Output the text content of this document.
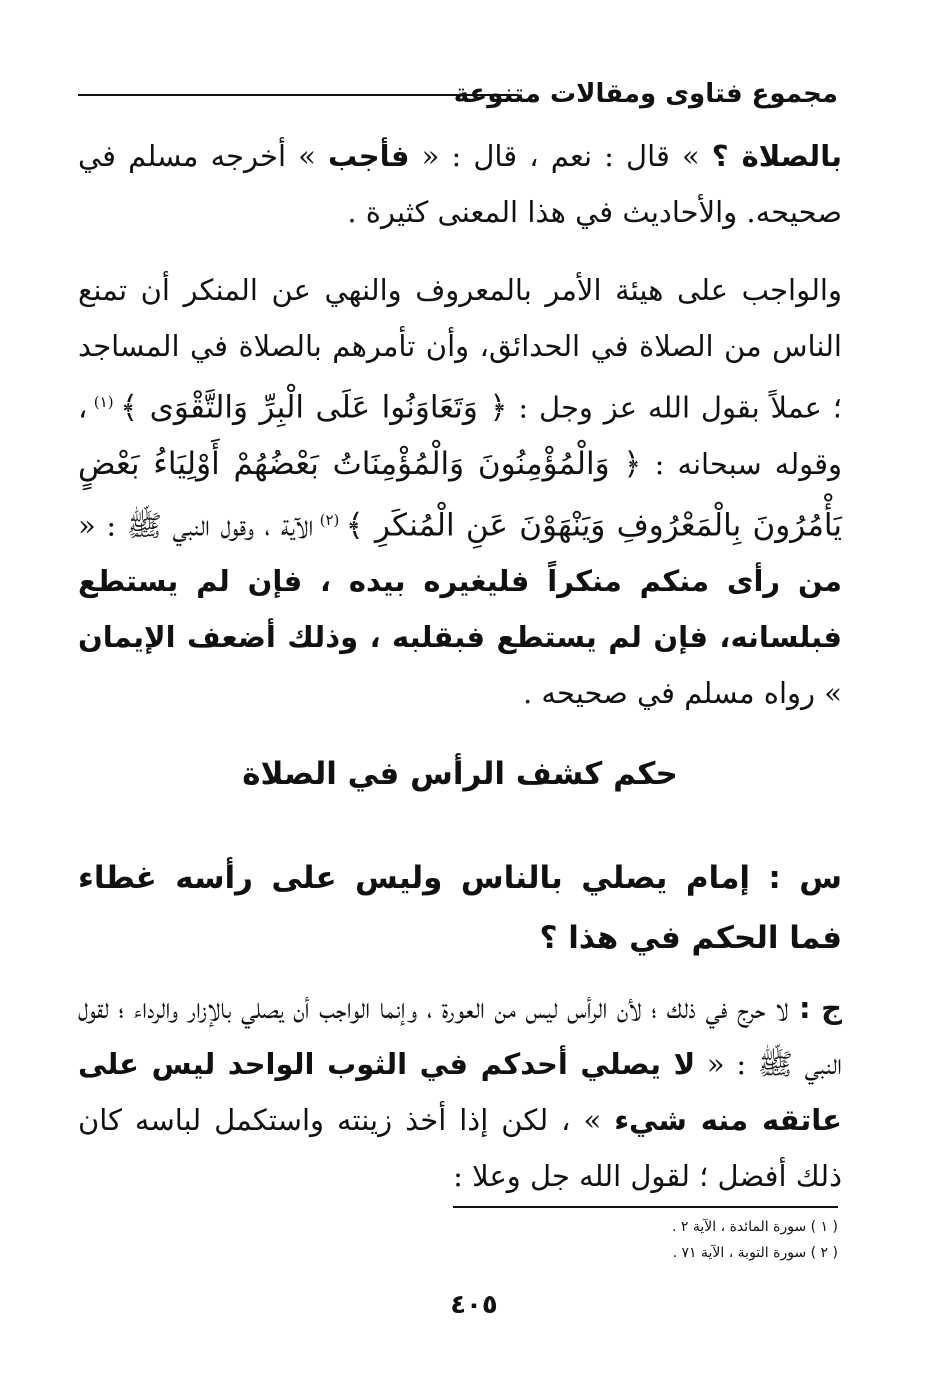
مجموع فتاوى ومقالات متنوعة
بالصلاة ؟ » قال : نعم ، قال : « فأجب » أخرجه مسلم في صحيحه. والأحاديث في هذا المعنى كثيرة .
والواجب على هيئة الأمر بالمعروف والنهي عن المنكر أن تمنع الناس من الصلاة في الحدائق، وأن تأمرهم بالصلاة في المساجد ؛ عملاً بقول الله عز وجل : ﴿ وَتَعَاوَنُوا عَلَى الْبِرِّ وَالتَّقْوَى ﴾ $^{(١)}$ ، وقوله سبحانه : ﴿ وَالْمُؤْمِنُونَ وَالْمُؤْمِنَاتُ بَعْضُهُمْ أَوْلِيَاءُ بَعْضٍ يَأْمُرُونَ بِالْمَعْرُوفِ وَيَنْهَوْنَ عَنِ الْمُنكَرِ ﴾ $^{(٢)}$ الآية ، وقول النبي ﷺ : « من رأى منكم منكراً فليغيره بيده ، فإن لم يستطع فبلسانه، فإن لم يستطع فبقلبه ، وذلك أضعف الإيمان » رواه مسلم في صحيحه .
حكم كشف الرأس في الصلاة
س : إمام يصلي بالناس وليس على رأسه غطاء فما الحكم في هذا ؟
ج : لا حرج في ذلك ؛ لأن الرأس ليس من العورة ، وإنما الواجب أن يصلي بالإزار والرداء ؛ لقول النبي ﷺ : « لا يصلي أحدكم في الثوب الواحد ليس على عاتقه منه شيء » ، لكن إذا أخذ زينته واستكمل لباسه كان ذلك أفضل ؛ لقول الله جل وعلا :
( ١ ) سورة المائدة ، الآية ٢ .
( ٢ ) سورة التوبة ، الآية ٧١ .
٤٠٥
